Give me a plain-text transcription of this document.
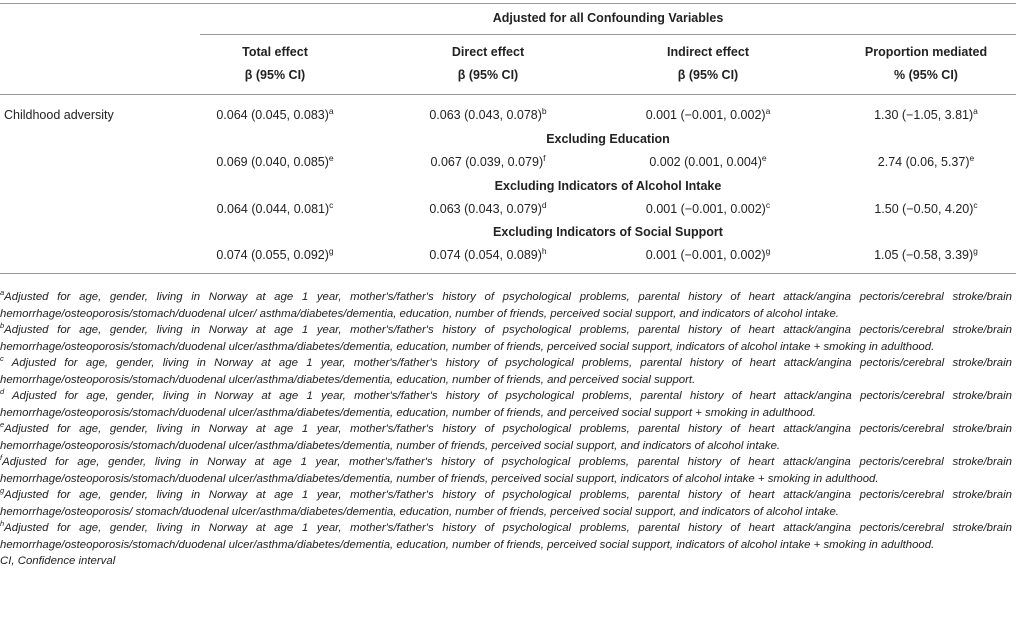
Adjusted for all Confounding Variables
Total effect	Direct effect	Indirect effect	Proportion mediated
β (95% CI)	β (95% CI)	β (95% CI)	% (95% CI)
Childhood adversity	0.064 (0.045, 0.083)$^a$	0.063 (0.043, 0.078)$^b$	0.001 (−0.001, 0.002)$^a$	1.30 (−1.05, 3.81)$^a$
Excluding Education
0.069 (0.040, 0.085)$^e$	0.067 (0.039, 0.079)$^f$	0.002 (0.001, 0.004)$^e$	2.74 (0.06, 5.37)$^e$
Excluding Indicators of Alcohol Intake
0.064 (0.044, 0.081)$^c$	0.063 (0.043, 0.079)$^d$	0.001 (−0.001, 0.002)$^c$	1.50 (−0.50, 4.20)$^c$
Excluding Indicators of Social Support
0.074 (0.055, 0.092)$^g$	0.074 (0.054, 0.089)$^h$	0.001 (−0.001, 0.002)$^g$	1.05 (−0.58, 3.39)$^g$
$^a$Adjusted for age, gender, living in Norway at age 1 year, mother's/father's history of psychological problems, parental history of heart attack/angina pectoris/cerebral stroke/brain hemorrhage/osteoporosis/stomach/duodenal ulcer/ asthma/diabetes/dementia, education, number of friends, perceived social support, and indicators of alcohol intake.
$^b$Adjusted for age, gender, living in Norway at age 1 year, mother's/father's history of psychological problems, parental history of heart attack/angina pectoris/cerebral stroke/brain hemorrhage/osteoporosis/stomach/duodenal ulcer/asthma/diabetes/dementia, education, number of friends, perceived social support, indicators of alcohol intake + smoking in adulthood.
$^c$ Adjusted for age, gender, living in Norway at age 1 year, mother's/father's history of psychological problems, parental history of heart attack/angina pectoris/cerebral stroke/brain hemorrhage/osteoporosis/stomach/duodenal ulcer/asthma/diabetes/dementia, education, number of friends, and perceived social support.
$^d$ Adjusted for age, gender, living in Norway at age 1 year, mother's/father's history of psychological problems, parental history of heart attack/angina pectoris/cerebral stroke/brain hemorrhage/osteoporosis/stomach/duodenal ulcer/asthma/diabetes/dementia, education, number of friends, and perceived social support + smoking in adulthood.
$^e$Adjusted for age, gender, living in Norway at age 1 year, mother's/father's history of psychological problems, parental history of heart attack/angina pectoris/cerebral stroke/brain hemorrhage/osteoporosis/stomach/duodenal ulcer/asthma/diabetes/dementia, number of friends, perceived social support, and indicators of alcohol intake.
$^f$Adjusted for age, gender, living in Norway at age 1 year, mother's/father's history of psychological problems, parental history of heart attack/angina pectoris/cerebral stroke/brain hemorrhage/osteoporosis/stomach/duodenal ulcer/asthma/diabetes/dementia, number of friends, perceived social support, indicators of alcohol intake + smoking in adulthood.
$^g$Adjusted for age, gender, living in Norway at age 1 year, mother's/father's history of psychological problems, parental history of heart attack/angina pectoris/cerebral stroke/brain hemorrhage/osteoporosis/ stomach/duodenal ulcer/asthma/diabetes/dementia, education, number of friends, perceived social support, and indicators of alcohol intake.
$^h$Adjusted for age, gender, living in Norway at age 1 year, mother's/father's history of psychological problems, parental history of heart attack/angina pectoris/cerebral stroke/brain hemorrhage/osteoporosis/stomach/duodenal ulcer/asthma/diabetes/dementia, education, number of friends, perceived social support, indicators of alcohol intake + smoking in adulthood.
CI, Confidence interval
